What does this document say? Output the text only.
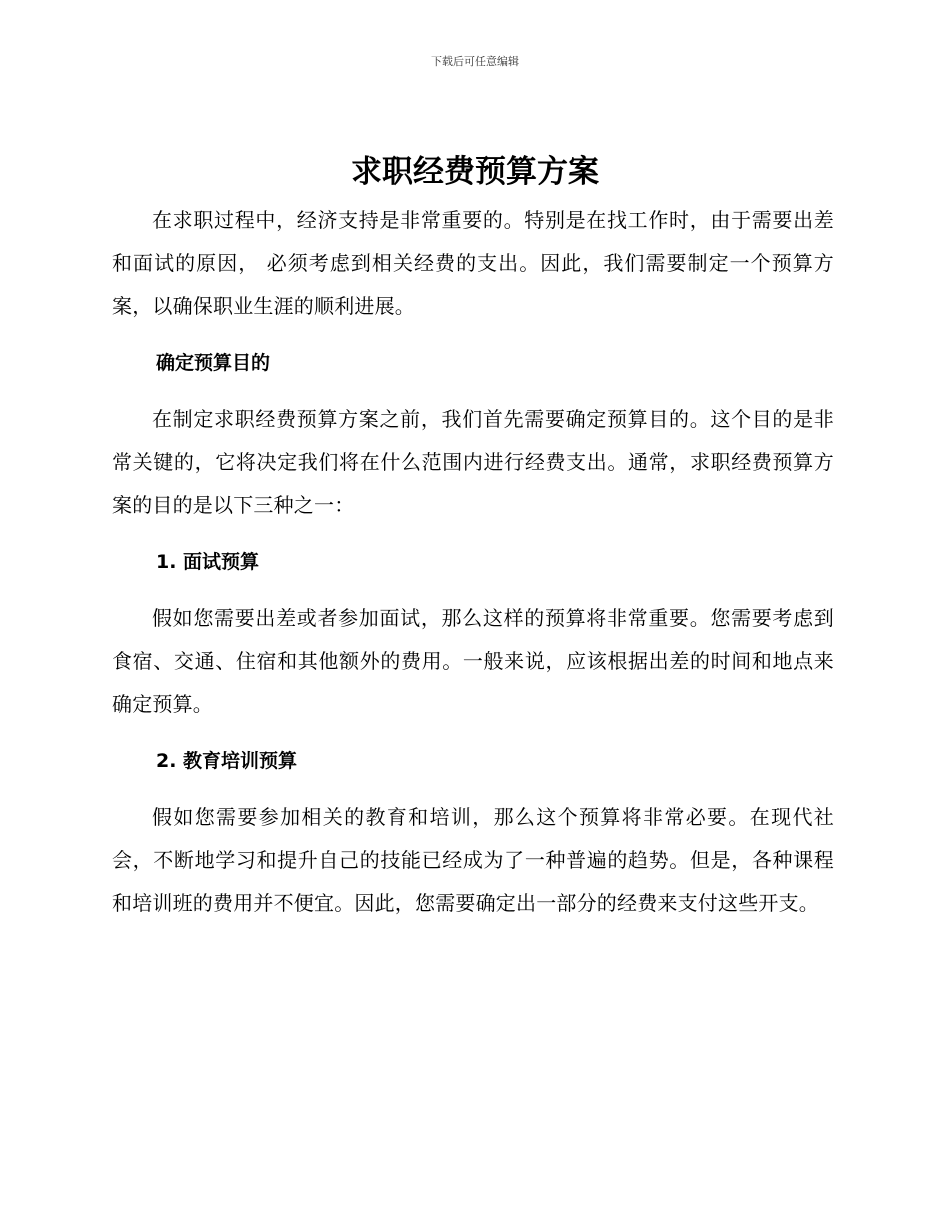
下载后可任意编辑
求职经费预算方案

在求职过程中，经济支持是非常重要的。特别是在找工作时，由于需要出差和面试的原因， 必须考虑到相关经费的支出。因此，我们需要制定一个预算方案，以确保职业生涯的顺利进展。

确定预算目的

在制定求职经费预算方案之前，我们首先需要确定预算目的。这个目的是非常关键的，它将决定我们将在什么范围内进行经费支出。通常，求职经费预算方案的目的是以下三种之一：

1. 面试预算

假如您需要出差或者参加面试，那么这样的预算将非常重要。您需要考虑到食宿、交通、住宿和其他额外的费用。一般来说，应该根据出差的时间和地点来确定预算。

2. 教育培训预算

假如您需要参加相关的教育和培训，那么这个预算将非常必要。在现代社会，不断地学习和提升自己的技能已经成为了一种普遍的趋势。但是，各种课程和培训班的费用并不便宜。因此，您需要确定出一部分的经费来支付这些开支。
